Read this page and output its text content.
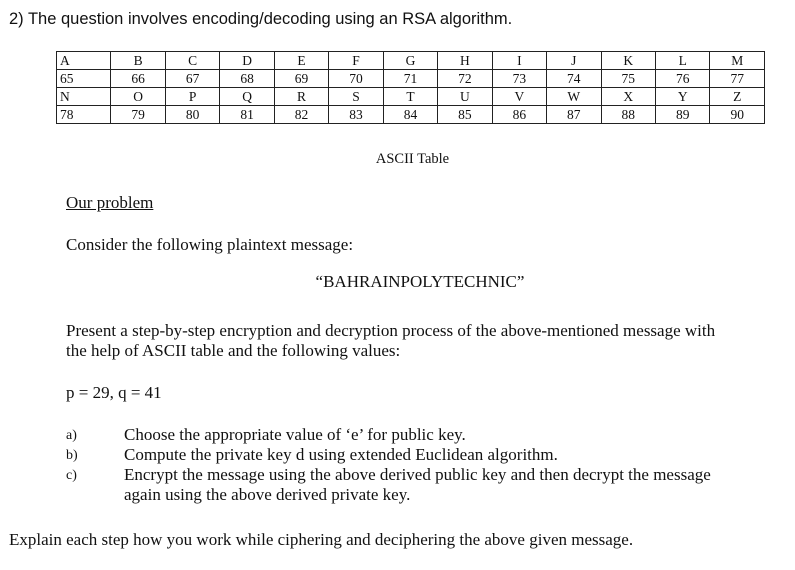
2) The question involves encoding/decoding using an RSA algorithm.
A	B	C	D	E	F	G	H	I	J	K	L	M
65	66	67	68	69	70	71	72	73	74	75	76	77
N	O	P	Q	R	S	T	U	V	W	X	Y	Z
78	79	80	81	82	83	84	85	86	87	88	89	90
ASCII Table
Our problem
Consider the following plaintext message:
“BAHRAINPOLYTECHNIC”
Present a step-by-step encryption and decryption process of the above-mentioned message with
the help of ASCII table and the following values:
p = 29, q = 41
a)	Choose the appropriate value of ‘e’ for public key.
b)	Compute the private key d using extended Euclidean algorithm.
c)	Encrypt the message using the above derived public key and then decrypt the message
again using the above derived private key.
Explain each step how you work while ciphering and deciphering the above given message.
